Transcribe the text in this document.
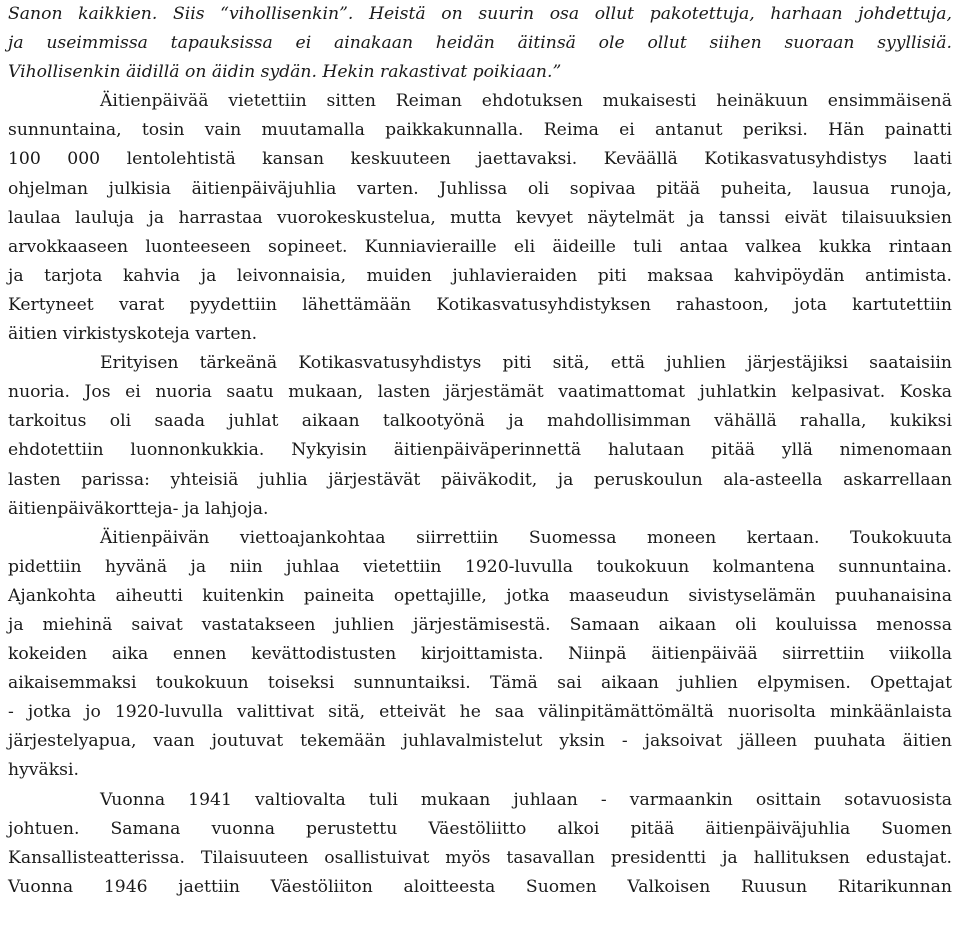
Sanon kaikkien. Siis “vihollisenkin”. Heistä on suurin osa ollut pakotettuja, harhaan johdettuja,
ja useimmissa tapauksissa ei ainakaan heidän äitinsä ole ollut siihen suoraan syyllisiä.
Vihollisenkin äidillä on äidin sydän. Hekin rakastivat poikiaan.”
Äitienpäivää vietettiin sitten Reiman ehdotuksen mukaisesti heinäkuun ensimmäisenä
sunnuntaina, tosin vain muutamalla paikkakunnalla. Reima ei antanut periksi. Hän painatti
100 000 lentolehtistä kansan keskuuteen jaettavaksi. Keväällä Kotikasvatusyhdistys laati
ohjelman julkisia äitienpäiväjuhlia varten. Juhlissa oli sopivaa pitää puheita, lausua runoja,
laulaa lauluja ja harrastaa vuorokeskustelua, mutta kevyet näytelmät ja tanssi eivät tilaisuuksien
arvokkaaseen luonteeseen sopineet. Kunniavieraille eli äideille tuli antaa valkea kukka rintaan
ja tarjota kahvia ja leivonnaisia, muiden juhlavieraiden piti maksaa kahvipöydän antimista.
Kertyneet varat pyydettiin lähettämään Kotikasvatusyhdistyksen rahastoon, jota kartutettiin
äitien virkistyskoteja varten.
Erityisen tärkeänä Kotikasvatusyhdistys piti sitä, että juhlien järjestäjiksi saataisiin
nuoria. Jos ei nuoria saatu mukaan, lasten järjestämät vaatimattomat juhlatkin kelpasivat. Koska
tarkoitus oli saada juhlat aikaan talkootyönä ja mahdollisimman vähällä rahalla, kukiksi
ehdotettiin luonnonkukkia. Nykyisin äitienpäiväperinnettä halutaan pitää yllä nimenomaan
lasten parissa: yhteisiä juhlia järjestävät päiväkodit, ja peruskoulun ala-asteella askarrellaan
äitienpäiväkortteja- ja lahjoja.
Äitienpäivän viettoajankohtaa siirrettiin Suomessa moneen kertaan. Toukokuuta
pidettiin hyvänä ja niin juhlaa vietettiin 1920-luvulla toukokuun kolmantena sunnuntaina.
Ajankohta aiheutti kuitenkin paineita opettajille, jotka maaseudun sivistyselämän puuhanaisina
ja miehinä saivat vastatakseen juhlien järjestämisestä. Samaan aikaan oli kouluissa menossa
kokeiden aika ennen kevättodistusten kirjoittamista. Niinpä äitienpäivää siirrettiin viikolla
aikaisemmaksi toukokuun toiseksi sunnuntaiksi. Tämä sai aikaan juhlien elpymisen. Opettajat
- jotka jo 1920-luvulla valittivat sitä, etteivät he saa välinpitämättömältä nuorisolta minkäänlaista
järjestelyapua, vaan joutuvat tekemään juhlavalmistelut yksin - jaksoivat jälleen puuhata äitien
hyväksi.
Vuonna 1941 valtiovalta tuli mukaan juhlaan - varmaankin osittain sotavuosista
johtuen. Samana vuonna perustettu Väestöliitto alkoi pitää äitienpäiväjuhlia Suomen
Kansallisteatterissa. Tilaisuuteen osallistuivat myös tasavallan presidentti ja hallituksen edustajat.
Vuonna 1946 jaettiin Väestöliiton aloitteesta Suomen Valkoisen Ruusun Ritarikunnan
